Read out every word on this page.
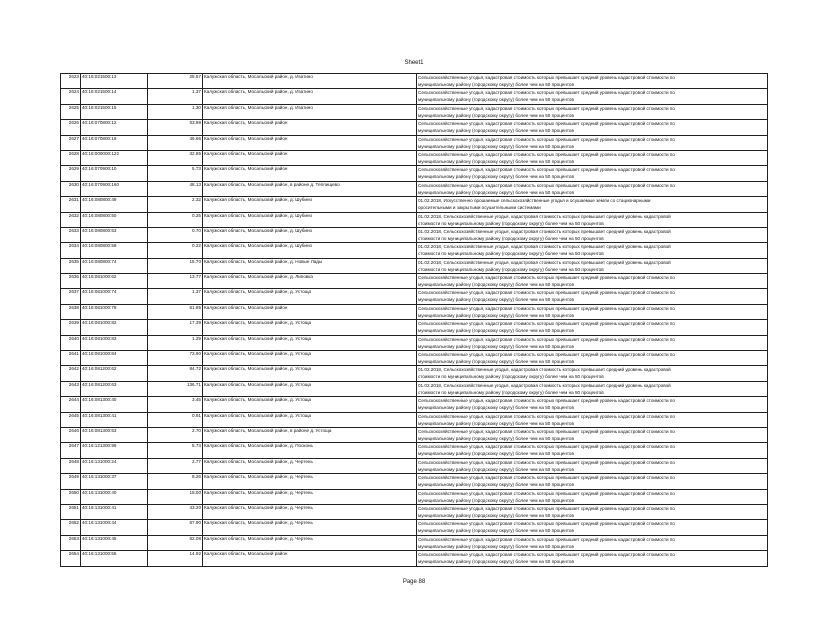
Sheet1
2623	40:16:021500:13	25.57	Калужская область, Мосальский район, д. Изатино	Сельскохозяйственные угодья, кадастровая стоимость которых превышает средний уровень кадастровой стоимости по
муниципальному району (городскому округу) более чем на 50 процентов

2624	40:16:021500:14	1.37	Калужская область, Мосальский район, д. Изатино	Сельскохозяйственные угодья, кадастровая стоимость которых превышает средний уровень кадастровой стоимости по
муниципальному району (городскому округу) более чем на 50 процентов

2625	40:16:021500:15	1.30	Калужская область, Мосальский район, д. Изатино	Сельскохозяйственные угодья, кадастровая стоимость которых превышает средний уровень кадастровой стоимости по
муниципальному району (городскому округу) более чем на 50 процентов

2626	40:16:070800:12	53.99	Калужская область, Мосальский район	Сельскохозяйственные угодья, кадастровая стоимость которых превышает средний уровень кадастровой стоимости по
муниципальному району (городскому округу) более чем на 50 процентов

2627	40:16:070800:19	45.66	Калужская область, Мосальский район	Сельскохозяйственные угодья, кадастровая стоимость которых превышает средний уровень кадастровой стоимости по
муниципальному району (городскому округу) более чем на 50 процентов

2628	40:16:000000:122	32.85	Калужская область, Мосальский район	Сельскохозяйственные угодья, кадастровая стоимость которых превышает средний уровень кадастровой стоимости по
муниципальному району (городскому округу) более чем на 50 процентов

2629	40:16:070900:10	5.73	Калужская область, Мосальский район	Сельскохозяйственные угодья, кадастровая стоимость которых превышает средний уровень кадастровой стоимости по
муниципальному району (городскому округу) более чем на 50 процентов

2630	40:16:070900:160	48.13	Калужская область, Мосальский район, в районе д. Теплищево	Сельскохозяйственные угодья, кадастровая стоимость которых превышает средний уровень кадастровой стоимости по
муниципальному району (городскому округу) более чем на 50 процентов

2631	40:16:080800:49	2.32	Калужская область, Мосальский район, д. Шубино	01.02.2018, Искусственно орошаемые сельскохозяйственные угодья и осушаемые земли со стационарными
оросительными и закрытыми осушительными системами

2632	40:16:080800:50	0.25	Калужская область, Мосальский район, д. Шубино	01.02.2018, Сельскохозяйственные угодья, кадастровая стоимость которых превышает средний уровень кадастровой
стоимости по муниципальному району (городскому округу) более чем на 50 процентов

2633	40:16:080800:53	0.70	Калужская область, Мосальский район, д. Шубино	01.02.2018, Сельскохозяйственные угодья, кадастровая стоимость которых превышает средний уровень кадастровой
стоимости по муниципальному району (городскому округу) более чем на 50 процентов

2634	40:16:080800:59	0.22	Калужская область, Мосальский район, д. Шубино	01.02.2018, Сельскохозяйственные угодья, кадастровая стоимость которых превышает средний уровень кадастровой
стоимости по муниципальному району (городскому округу) более чем на 50 процентов

2635	40:16:080800:74	15.70	Калужская область, Мосальский район, д. Новые Лады	01.02.2018, Сельскохозяйственные угодья, кадастровая стоимость которых превышает средний уровень кадастровой
стоимости по муниципальному району (городскому округу) более чем на 50 процентов

2636	40:16:081000:62	13.77	Калужская область, Мосальский район, д. Липовка	Сельскохозяйственные угодья, кадастровая стоимость которых превышает средний уровень кадастровой стоимости по
муниципальному району (городскому округу) более чем на 50 процентов

2637	40:16:081000:74	1.37	Калужская область, Мосальский район, д. Устоща	Сельскохозяйственные угодья, кадастровая стоимость которых превышает средний уровень кадастровой стоимости по
муниципальному району (городскому округу) более чем на 50 процентов

2638	40:16:081000:78	61.85	Калужская область, Мосальский район	Сельскохозяйственные угодья, кадастровая стоимость которых превышает средний уровень кадастровой стоимости по
муниципальному району (городскому округу) более чем на 50 процентов

2639	40:16:081000:82	17.39	Калужская область, Мосальский район, д. Устоща	Сельскохозяйственные угодья, кадастровая стоимость которых превышает средний уровень кадастровой стоимости по
муниципальному району (городскому округу) более чем на 50 процентов

2640	40:16:081000:83	1.29	Калужская область, Мосальский район, д. Устоща	Сельскохозяйственные угодья, кадастровая стоимость которых превышает средний уровень кадастровой стоимости по
муниципальному району (городскому округу) более чем на 50 процентов

2641	40:16:081000:84	73.90	Калужская область, Мосальский район, д. Устоща	Сельскохозяйственные угодья, кадастровая стоимость которых превышает средний уровень кадастровой стоимости по
муниципальному району (городскому округу) более чем на 50 процентов

2642	40:16:081200:62	84.72	Калужская область, Мосальский район, д. Устоща	01.02.2018, Сельскохозяйственные угодья, кадастровая стоимость которых превышает средний уровень кадастровой
стоимости по муниципальному району (городскому округу) более чем на 50 процентов

2643	40:16:081200:63	136.71	Калужская область, Мосальский район, д. Устоща	01.02.2018, Сельскохозяйственные угодья, кадастровая стоимость которых превышает средний уровень кадастровой
стоимости по муниципальному району (городскому округу) более чем на 50 процентов

2644	40:16:081300:40	3.45	Калужская область, Мосальский район, д. Устоща	Сельскохозяйственные угодья, кадастровая стоимость которых превышает средний уровень кадастровой стоимости по
муниципальному району (городскому округу) более чем на 50 процентов

2645	40:16:081300:41	0.91	Калужская область, Мосальский район, д. Устоща	Сельскохозяйственные угодья, кадастровая стоимость которых превышает средний уровень кадастровой стоимости по
муниципальному району (городскому округу) более чем на 50 процентов

2646	40:16:081300:53	2.70	Калужская область, Мосальский район, в районе д. Устоща	Сельскохозяйственные угодья, кадастровая стоимость которых превышает средний уровень кадастровой стоимости по
муниципальному району (городскому округу) более чем на 50 процентов

2647	40:16:121300:99	5.73	Калужская область, Мосальский район, д. Посконь	Сельскохозяйственные угодья, кадастровая стоимость которых превышает средний уровень кадастровой стоимости по
муниципальному району (городскому округу) более чем на 50 процентов

2648	40:16:131000:24	2.77	Калужская область, Мосальский район, д. Чертень	Сельскохозяйственные угодья, кадастровая стоимость которых превышает средний уровень кадастровой стоимости по
муниципальному району (городскому округу) более чем на 50 процентов

2649	40:16:131000:37	8.26	Калужская область, Мосальский район, д. Чертень	Сельскохозяйственные угодья, кадастровая стоимость которых превышает средний уровень кадастровой стоимости по
муниципальному району (городскому округу) более чем на 50 процентов

2650	40:16:131000:40	15.00	Калужская область, Мосальский район, д. Чертень	Сельскохозяйственные угодья, кадастровая стоимость которых превышает средний уровень кадастровой стоимости по
муниципальному району (городскому округу) более чем на 50 процентов

2651	40:16:131000:41	43.20	Калужская область, Мосальский район, д. Чертень	Сельскохозяйственные угодья, кадастровая стоимость которых превышает средний уровень кадастровой стоимости по
муниципальному району (городскому округу) более чем на 50 процентов

2652	40:16:131000:44	67.90	Калужская область, Мосальский район, д. Чертень	Сельскохозяйственные угодья, кадастровая стоимость которых превышает средний уровень кадастровой стоимости по
муниципальному району (городскому округу) более чем на 50 процентов

2653	40:16:131000:45	62.08	Калужская область, Мосальский район, д. Чертень	Сельскохозяйственные угодья, кадастровая стоимость которых превышает средний уровень кадастровой стоимости по
муниципальному району (городскому округу) более чем на 50 процентов

2654	40:16:131000:55	14.92	Калужская область, Мосальский район	Сельскохозяйственные угодья, кадастровая стоимость которых превышает средний уровень кадастровой стоимости по
муниципальному району (городскому округу) более чем на 50 процентов
Page 88
